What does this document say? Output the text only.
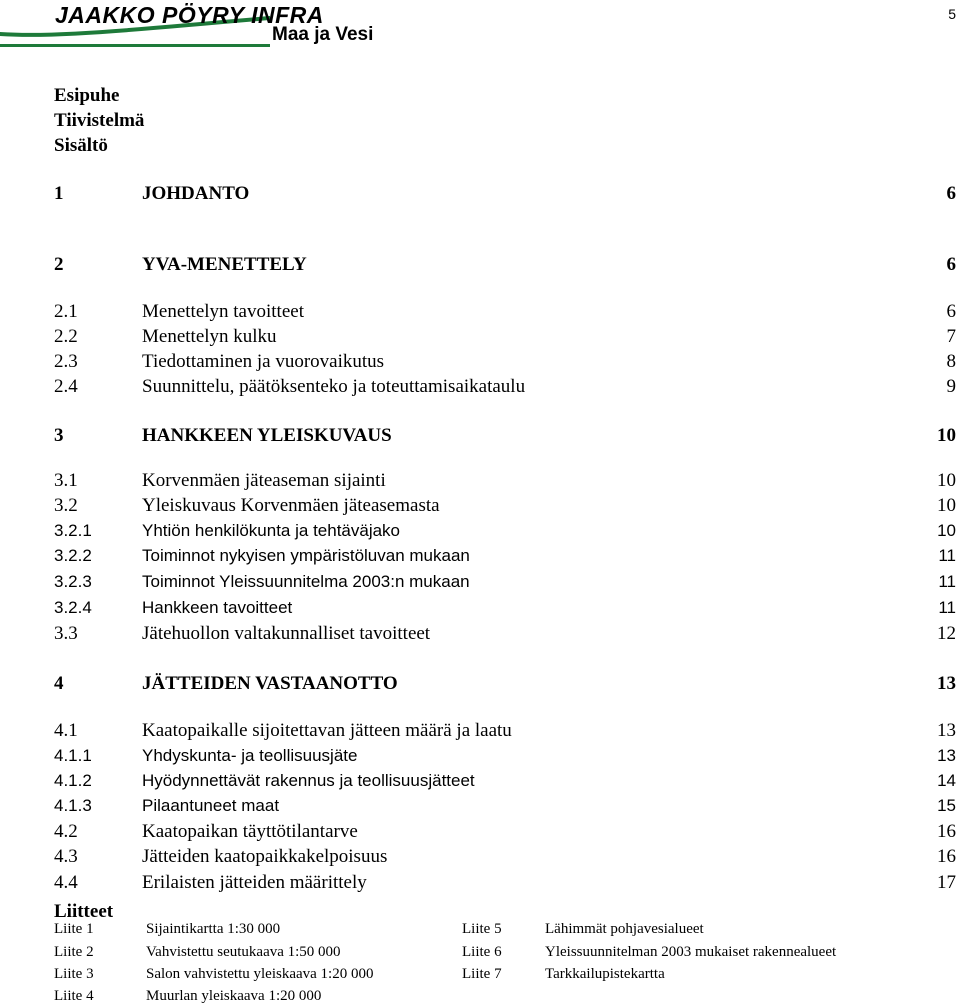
JAAKKO PÖYRY INFRA
Maa ja Vesi
5
Esipuhe
Tiivistelmä
Sisältö
1	JOHDANTO	6
2	YVA-MENETTELY	6
2.1	Menettelyn tavoitteet	6
2.2	Menettelyn kulku	7
2.3	Tiedottaminen ja vuorovaikutus	8
2.4	Suunnittelu, päätöksenteko ja toteuttamisaikataulu	9
3	HANKKEEN YLEISKUVAUS	10
3.1	Korvenmäen jäteaseman sijainti	10
3.2	Yleiskuvaus Korvenmäen jäteasemasta	10
3.2.1	Yhtiön henkilökunta ja tehtäväjako	10
3.2.2	Toiminnot nykyisen ympäristöluvan mukaan	11
3.2.3	Toiminnot Yleissuunnitelma 2003:n mukaan	11
3.2.4	Hankkeen tavoitteet	11
3.3	Jätehuollon valtakunnalliset tavoitteet	12
4	JÄTTEIDEN VASTAANOTTO	13
4.1	Kaatopaikalle sijoitettavan jätteen määrä ja laatu	13
4.1.1	Yhdyskunta- ja teollisuusjäte	13
4.1.2	Hyödynnettävät rakennus ja teollisuusjätteet	14
4.1.3	Pilaantuneet maat	15
4.2	Kaatopaikan täyttötilantarve	16
4.3	Jätteiden kaatopaikkakelpoisuus	16
4.4	Erilaisten jätteiden määrittely	17
Liitteet
Liite 1	Sijaintikartta 1:30 000
Liite 2	Vahvistettu seutukaava 1:50 000
Liite 3	Salon vahvistettu yleiskaava 1:20 000
Liite 4	Muurlan yleiskaava 1:20 000
Liite 5	Lähimmät pohjavesialueet
Liite 6	Yleissuunnitelman 2003 mukaiset rakennealueet
Liite 7	Tarkkailupistekartta
